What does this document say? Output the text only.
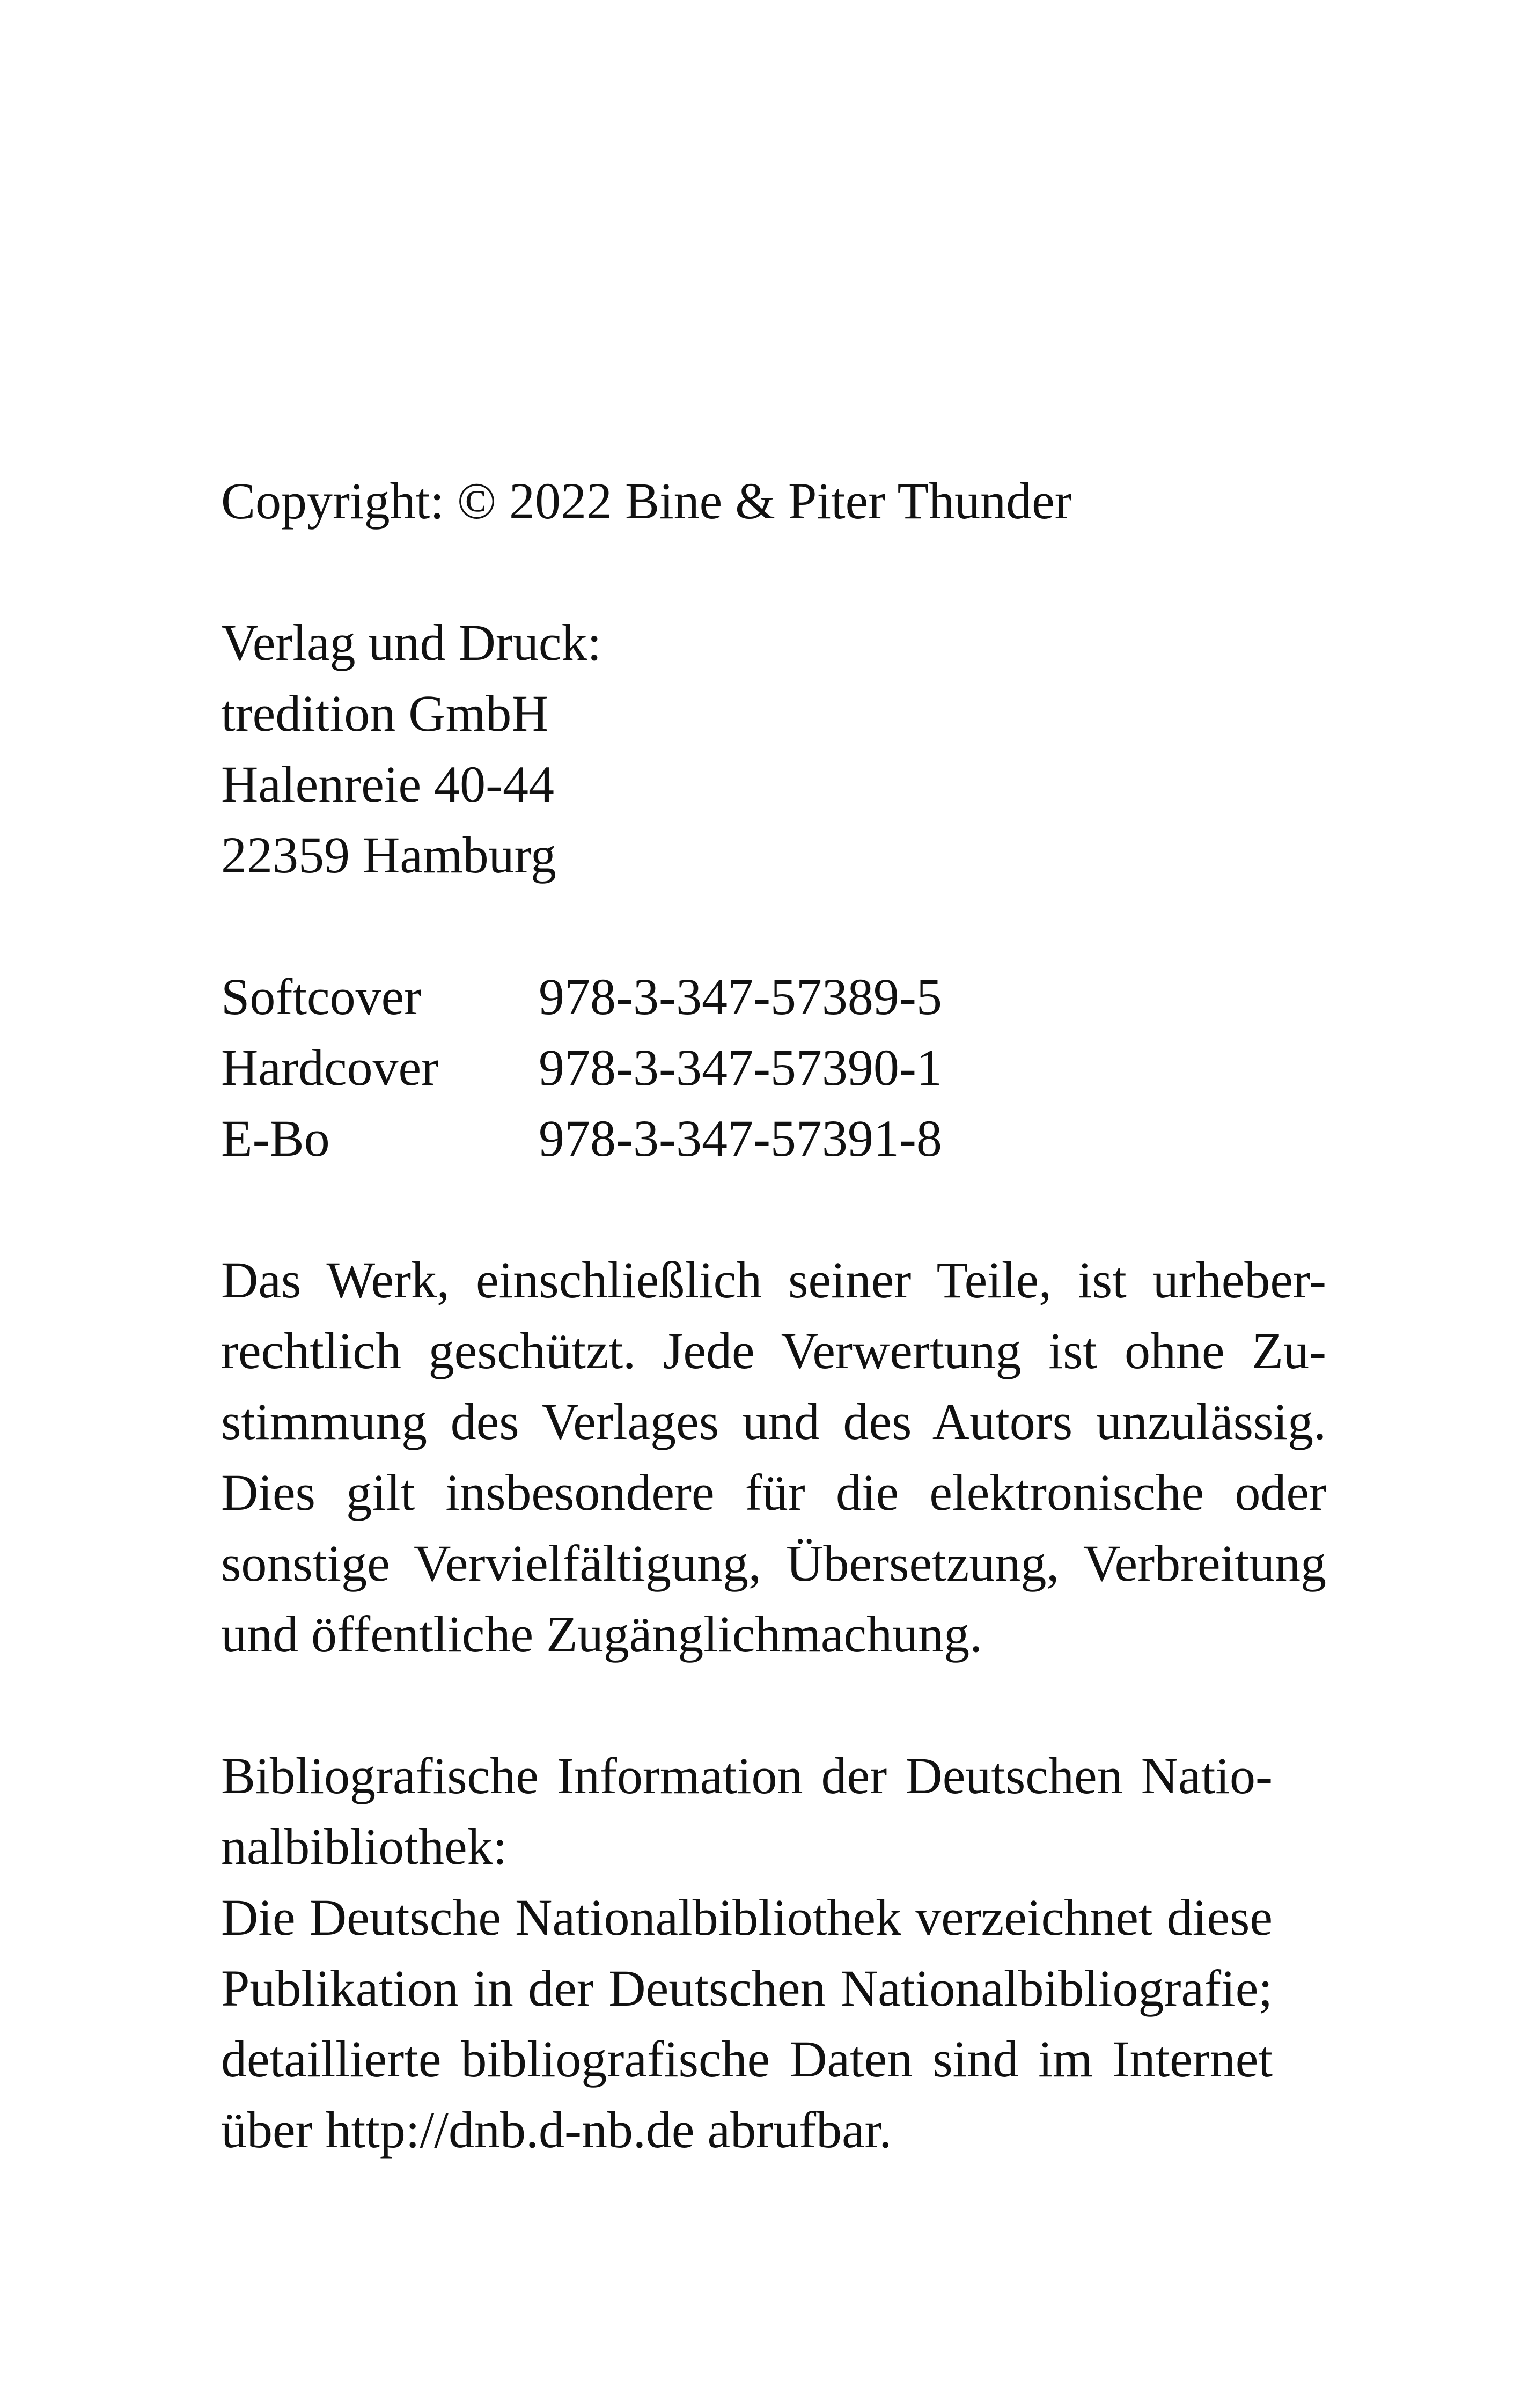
Copyright: © 2022 Bine & Piter Thunder
Verlag und Druck:
tredition GmbH
Halenreie 40-44
22359 Hamburg
Softcover	978-3-347-57389-5
Hardcover	978-3-347-57390-1
E-Bo	978-3-347-57391-8
Das Werk, einschließlich seiner Teile, ist urheber-
rechtlich geschützt. Jede Verwertung ist ohne Zu-
stimmung des Verlages und des Autors unzulässig.
Dies gilt insbesondere für die elektronische oder
sonstige Vervielfältigung, Übersetzung, Verbreitung
und öffentliche Zugänglichmachung.
Bibliografische Information der Deutschen Natio-
nalbibliothek:
Die Deutsche Nationalbibliothek verzeichnet diese
Publikation in der Deutschen Nationalbibliografie;
detaillierte bibliografische Daten sind im Internet
über http://dnb.d-nb.de abrufbar.
